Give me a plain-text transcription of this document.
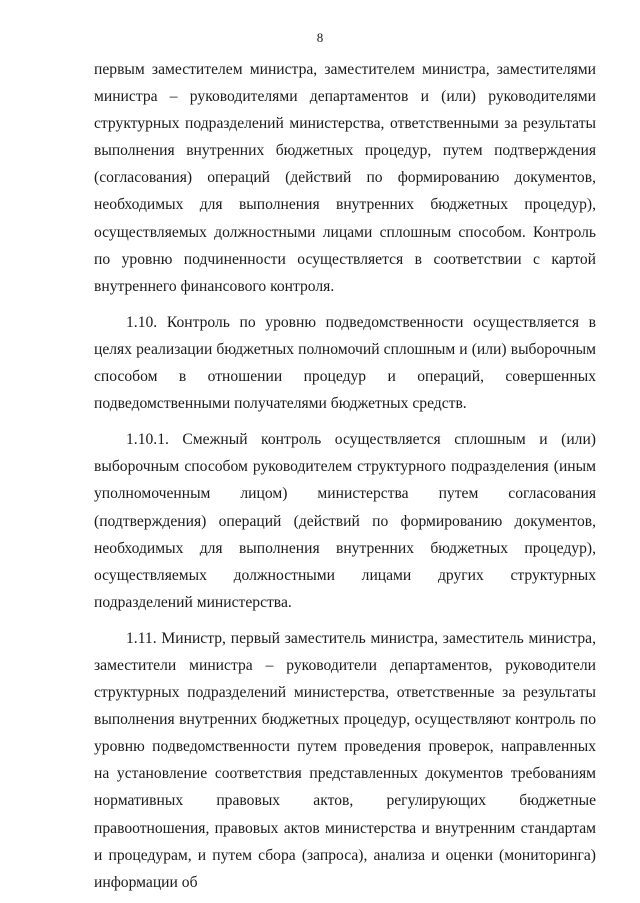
8

первым заместителем министра, заместителем министра, заместителями министра – руководителями департаментов и (или) руководителями структурных подразделений министерства, ответственными за результаты выполнения внутренних бюджетных процедур, путем подтверждения (согласования) операций (действий по формированию документов, необходимых для выполнения внутренних бюджетных процедур), осуществляемых должностными лицами сплошным способом. Контроль по уровню подчиненности осуществляется в соответствии с картой внутреннего финансового контроля.

1.10. Контроль по уровню подведомственности осуществляется в целях реализации бюджетных полномочий сплошным и (или) выборочным способом в отношении процедур и операций, совершенных подведомственными получателями бюджетных средств.

1.10.1. Смежный контроль осуществляется сплошным и (или) выборочным способом руководителем структурного подразделения (иным уполномоченным лицом) министерства путем согласования (подтверждения) операций (действий по формированию документов, необходимых для выполнения внутренних бюджетных процедур), осуществляемых должностными лицами других структурных подразделений министерства.

1.11. Министр, первый заместитель министра, заместитель министра, заместители министра – руководители департаментов, руководители структурных подразделений министерства, ответственные за результаты выполнения внутренних бюджетных процедур, осуществляют контроль по уровню подведомственности путем проведения проверок, направленных на установление соответствия представленных документов требованиям нормативных правовых актов, регулирующих бюджетные правоотношения, правовых актов министерства и внутренним стандартам и процедурам, и путем сбора (запроса), анализа и оценки (мониторинга) информации об
